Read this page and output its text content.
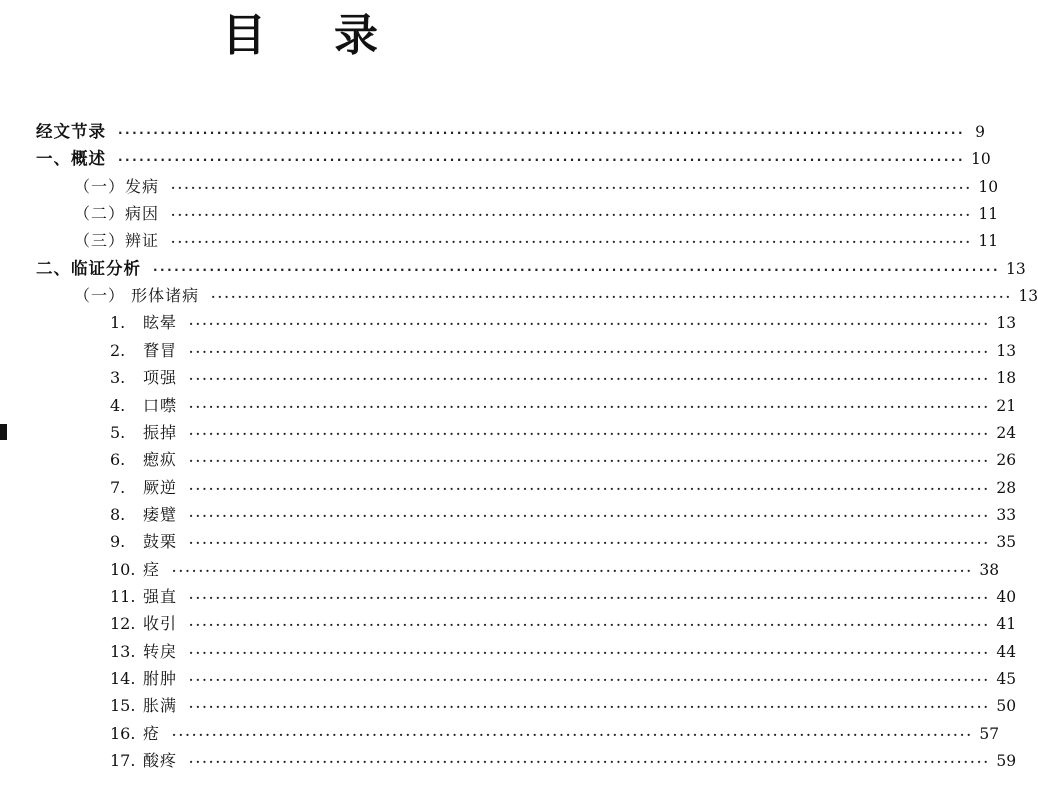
目 录
经文节录 ························································································································ 9
一、概述 ························································································································ 10
（一）发病 ························································································································ 10
（二）病因 ························································································································ 11
（三）辨证 ························································································································ 11
二、临证分析 ························································································································ 13
（一） 形体诸病 ························································································································ 13
1.	眩晕 ························································································································ 13
2.	瞀冒 ························································································································ 13
3.	项强 ························································································································ 18
4.	口噤 ························································································································ 21
5.	振掉 ························································································································ 24
6.	瘛疭 ························································································································ 26
7.	厥逆 ························································································································ 28
8.	痿躄 ························································································································ 33
9.	鼓栗 ························································································································ 35
10. 痉 ························································································································ 38
11. 强直 ························································································································ 40
12. 收引 ························································································································ 41
13. 转戾 ························································································································ 44
14. 胕肿 ························································································································ 45
15. 胀满 ························································································································ 50
16. 疮 ························································································································ 57
17. 酸疼 ························································································································ 59
